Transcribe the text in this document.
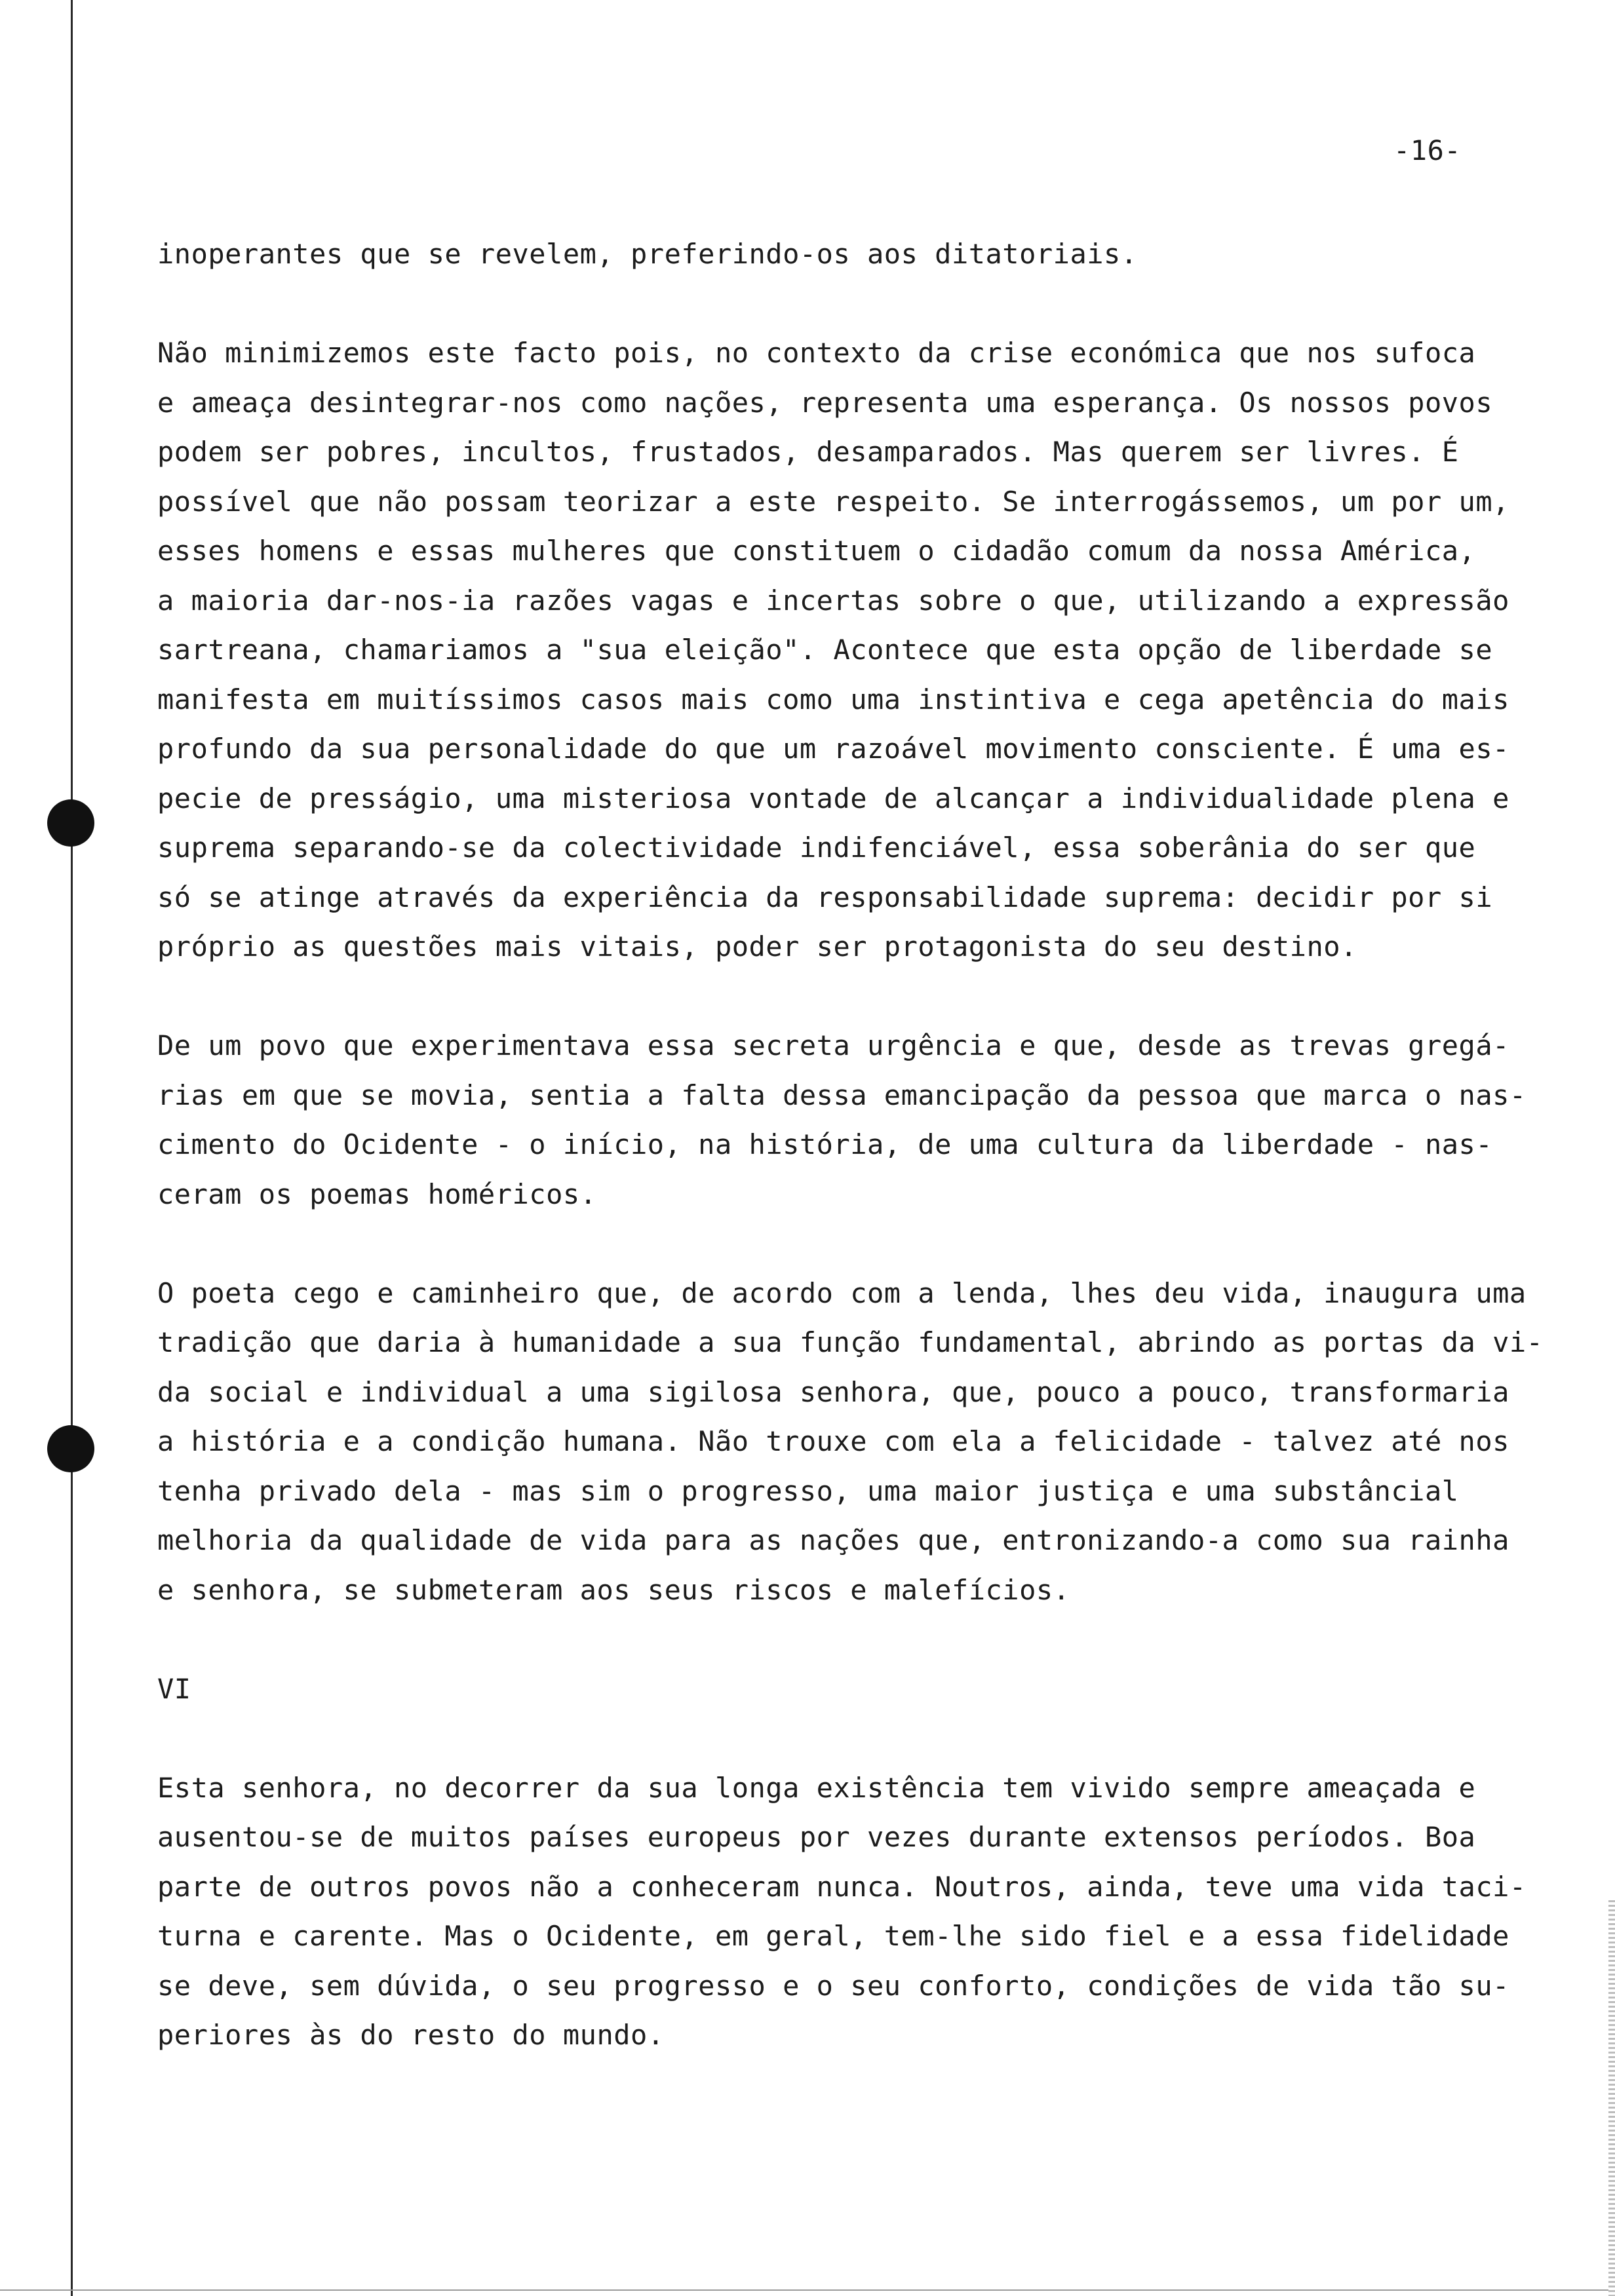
-16-
inoperantes que se revelem, preferindo-os aos ditatoriais.
Não minimizemos este facto pois, no contexto da crise económica que nos sufoca
e ameaça desintegrar-nos como nações, representa uma esperança. Os nossos povos
podem ser pobres, incultos, frustados, desamparados. Mas querem ser livres. É
possível que não possam teorizar a este respeito. Se interrogássemos, um por um,
esses homens e essas mulheres que constituem o cidadão comum da nossa América,
a maioria dar-nos-ia razões vagas e incertas sobre o que, utilizando a expressão
sartreana, chamariamos a "sua eleição". Acontece que esta opção de liberdade se
manifesta em muitíssimos casos mais como uma instintiva e cega apetência do mais
profundo da sua personalidade do que um razoável movimento consciente. É uma es-
pecie de presságio, uma misteriosa vontade de alcançar a individualidade plena e
suprema separando-se da colectividade indifenciável, essa soberânia do ser que
só se atinge através da experiência da responsabilidade suprema: decidir por si
próprio as questões mais vitais, poder ser protagonista do seu destino.
De um povo que experimentava essa secreta urgência e que, desde as trevas gregá-
rias em que se movia, sentia a falta dessa emancipação da pessoa que marca o nas-
cimento do Ocidente - o início, na história, de uma cultura da liberdade - nas-
ceram os poemas homéricos.
O poeta cego e caminheiro que, de acordo com a lenda, lhes deu vida, inaugura uma
tradição que daria à humanidade a sua função fundamental, abrindo as portas da vi-
da social e individual a uma sigilosa senhora, que, pouco a pouco, transformaria
a história e a condição humana. Não trouxe com ela a felicidade - talvez até nos
tenha privado dela - mas sim o progresso, uma maior justiça e uma substâncial
melhoria da qualidade de vida para as nações que, entronizando-a como sua rainha
e senhora, se submeteram aos seus riscos e malefícios.
VI
Esta senhora, no decorrer da sua longa existência tem vivido sempre ameaçada e
ausentou-se de muitos países europeus por vezes durante extensos períodos. Boa
parte de outros povos não a conheceram nunca. Noutros, ainda, teve uma vida taci-
turna e carente. Mas o Ocidente, em geral, tem-lhe sido fiel e a essa fidelidade
se deve, sem dúvida, o seu progresso e o seu conforto, condições de vida tão su-
periores às do resto do mundo.
